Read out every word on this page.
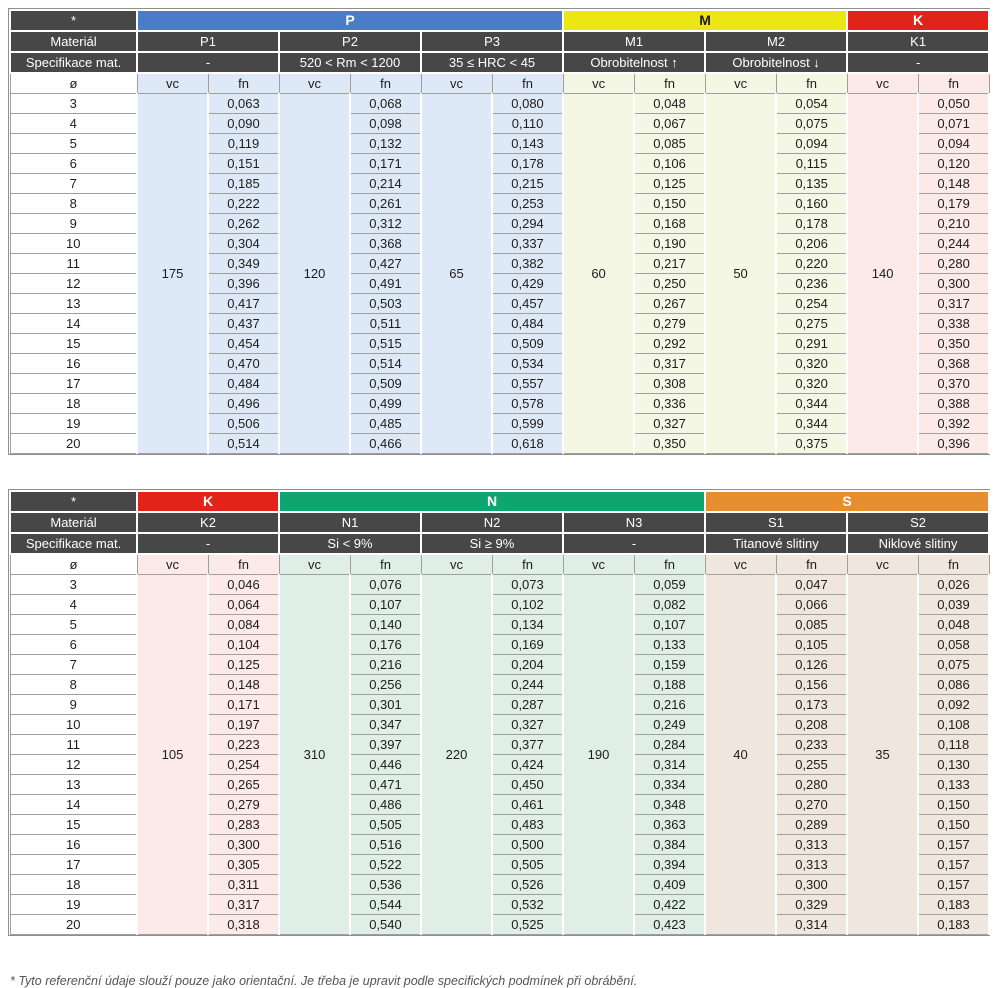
*	P						M				K	
Materiál	P1		P2		P3		M1		M2		K1	
Specifikace mat.	-		520 < Rm < 1200		35 ≤ HRC < 45		Obrobitelnost ↑		Obrobitelnost ↓		-	
ø	vc	fn	vc	fn	vc	fn	vc	fn	vc	fn	vc	fn
3	175	0,063	120	0,068	65	0,080	60	0,048	50	0,054	140	0,050
4		0,090		0,098		0,110		0,067		0,075		0,071
5		0,119		0,132		0,143		0,085		0,094		0,094
6		0,151		0,171		0,178		0,106		0,115		0,120
7		0,185		0,214		0,215		0,125		0,135		0,148
8		0,222		0,261		0,253		0,150		0,160		0,179
9		0,262		0,312		0,294		0,168		0,178		0,210
10		0,304		0,368		0,337		0,190		0,206		0,244
11		0,349		0,427		0,382		0,217		0,220		0,280
12		0,396		0,491		0,429		0,250		0,236		0,300
13		0,417		0,503		0,457		0,267		0,254		0,317
14		0,437		0,511		0,484		0,279		0,275		0,338
15		0,454		0,515		0,509		0,292		0,291		0,350
16		0,470		0,514		0,534		0,317		0,320		0,368
17		0,484		0,509		0,557		0,308		0,320		0,370
18		0,496		0,499		0,578		0,336		0,344		0,388
19		0,506		0,485		0,599		0,327		0,344		0,392
20		0,514		0,466		0,618		0,350		0,375		0,396
*	K		N						S			
Materiál	K2		N1		N2		N3		S1		S2	
Specifikace mat.	-		Si < 9%		Si ≥ 9%		-		Titanové slitiny		Niklové slitiny	
ø	vc	fn	vc	fn	vc	fn	vc	fn	vc	fn	vc	fn
3	105	0,046	310	0,076	220	0,073	190	0,059	40	0,047	35	0,026
4		0,064		0,107		0,102		0,082		0,066		0,039
5		0,084		0,140		0,134		0,107		0,085		0,048
6		0,104		0,176		0,169		0,133		0,105		0,058
7		0,125		0,216		0,204		0,159		0,126		0,075
8		0,148		0,256		0,244		0,188		0,156		0,086
9		0,171		0,301		0,287		0,216		0,173		0,092
10		0,197		0,347		0,327		0,249		0,208		0,108
11		0,223		0,397		0,377		0,284		0,233		0,118
12		0,254		0,446		0,424		0,314		0,255		0,130
13		0,265		0,471		0,450		0,334		0,280		0,133
14		0,279		0,486		0,461		0,348		0,270		0,150
15		0,283		0,505		0,483		0,363		0,289		0,150
16		0,300		0,516		0,500		0,384		0,313		0,157
17		0,305		0,522		0,505		0,394		0,313		0,157
18		0,311		0,536		0,526		0,409		0,300		0,157
19		0,317		0,544		0,532		0,422		0,329		0,183
20		0,318		0,540		0,525		0,423		0,314		0,183
* Tyto referenční údaje slouží pouze jako orientační. Je třeba je upravit podle specifických podmínek při obrábění.
